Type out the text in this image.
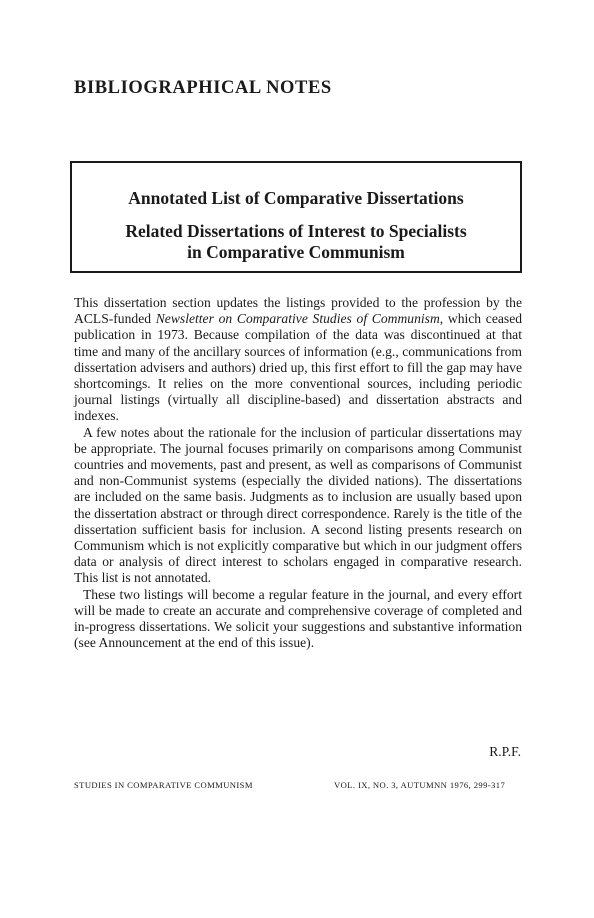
BIBLIOGRAPHICAL NOTES
Annotated List of Comparative Dissertations
Related Dissertations of Interest to Specialists
in Comparative Communism

This dissertation section updates the listings provided to the profession by the ACLS-funded Newsletter on Comparative Studies of Communism, which ceased publication in 1973. Because compilation of the data was discontinued at that time and many of the ancillary sources of information (e.g., communications from dissertation advisers and authors) dried up, this first effort to fill the gap may have shortcomings. It relies on the more conventional sources, including periodic journal listings (virtually all discipline-based) and dissertation abstracts and indexes.

A few notes about the rationale for the inclusion of particular dissertations may be appropriate. The journal focuses primarily on comparisons among Communist countries and movements, past and present, as well as comparisons of Communist and non-Communist systems (especially the divided nations). The dissertations are included on the same basis. Judgments as to inclusion are usually based upon the dissertation abstract or through direct correspondence. Rarely is the title of the dissertation sufficient basis for inclusion. A second listing presents research on Communism which is not explicitly comparative but which in our judgment offers data or analysis of direct interest to scholars engaged in comparative research. This list is not annotated.

These two listings will become a regular feature in the journal, and every effort will be made to create an accurate and comprehensive coverage of completed and in-progress dissertations. We solicit your suggestions and substantive information (see Announcement at the end of this issue).

R.P.F.
STUDIES IN COMPARATIVE COMMUNISM	VOL. IX, NO. 3, AUTUMNN 1976, 299-317
